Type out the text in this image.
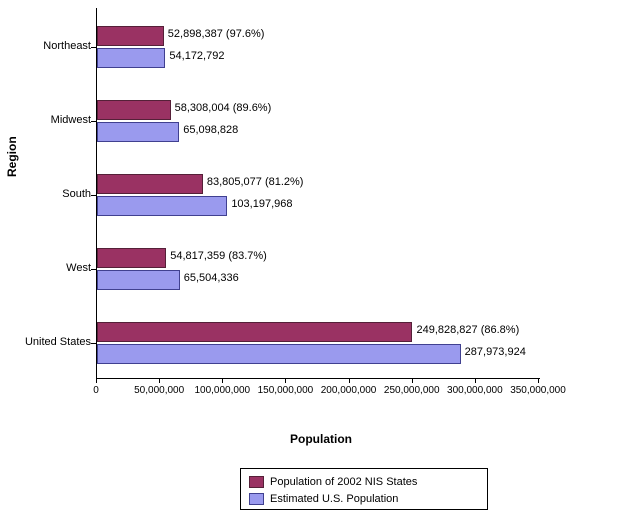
Region
52,898,387 (97.6%)
54,172,792
58,308,004 (89.6%)
65,098,828
83,805,077 (81.2%)
103,197,968
54,817,359 (83.7%)
65,504,336
249,828,827 (86.8%)
287,973,924
0	50,000,000 100,000,000 150,000,000 200,000,000 250,000,000 300,000,000 350,000,000
Northeast
Midwest
South
West
United States
Population
Population of 2002 NIS States
Estimated U.S. Population
